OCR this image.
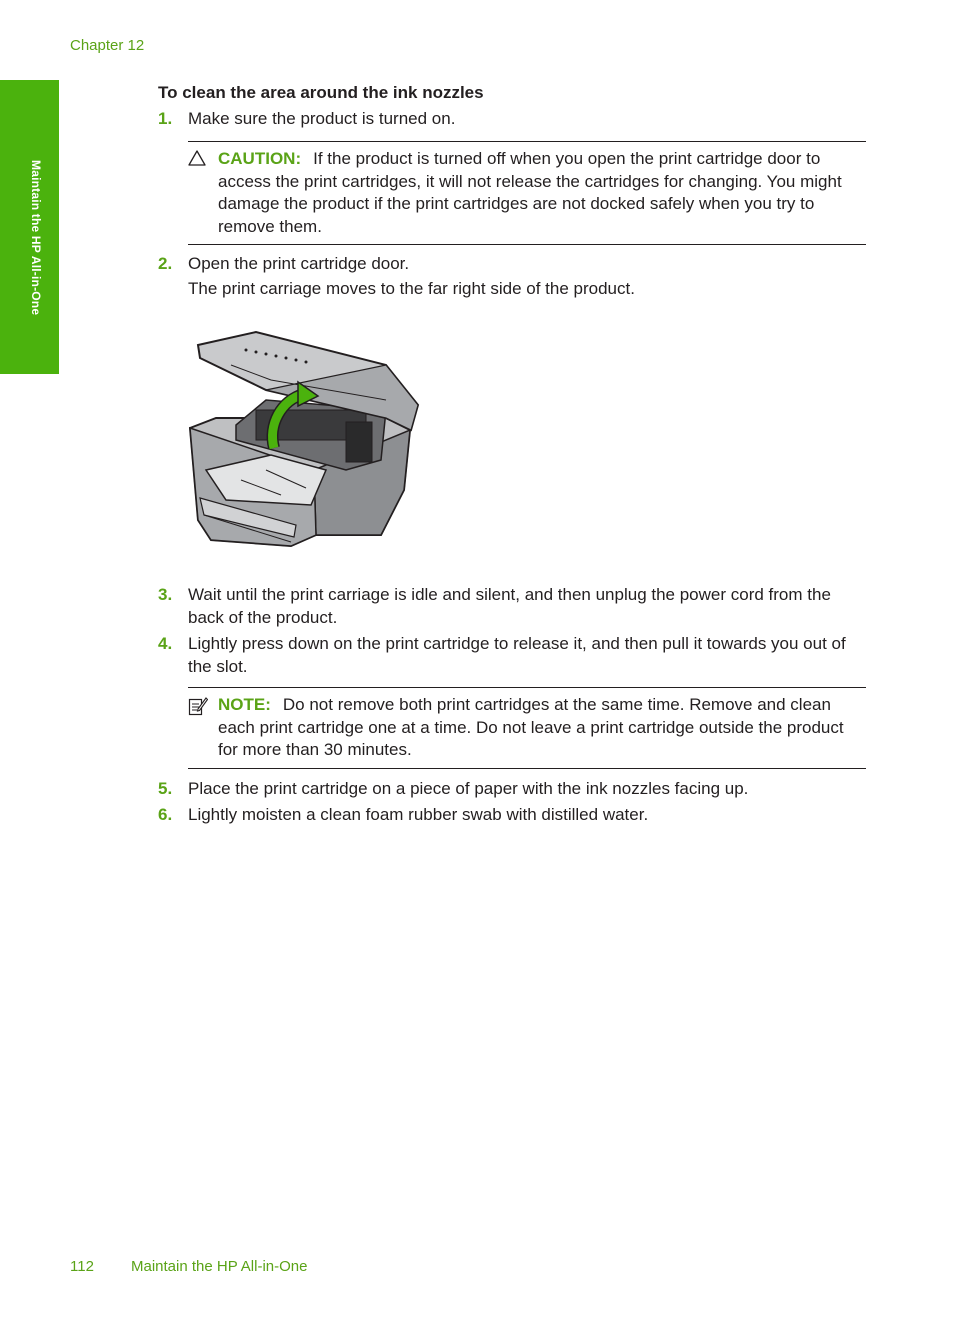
Chapter 12
Maintain the HP All-in-One
To clean the area around the ink nozzles
1. Make sure the product is turned on.
CAUTION: If the product is turned off when you open the print cartridge door to access the print cartridges, it will not release the cartridges for changing. You might damage the product if the print cartridges are not docked safely when you try to remove them.
2. Open the print cartridge door.
The print carriage moves to the far right side of the product.
3. Wait until the print carriage is idle and silent, and then unplug the power cord from the back of the product.
4. Lightly press down on the print cartridge to release it, and then pull it towards you out of the slot.
NOTE: Do not remove both print cartridges at the same time. Remove and clean each print cartridge one at a time. Do not leave a print cartridge outside the product for more than 30 minutes.
5. Place the print cartridge on a piece of paper with the ink nozzles facing up.
6. Lightly moisten a clean foam rubber swab with distilled water.
112 Maintain the HP All-in-One
